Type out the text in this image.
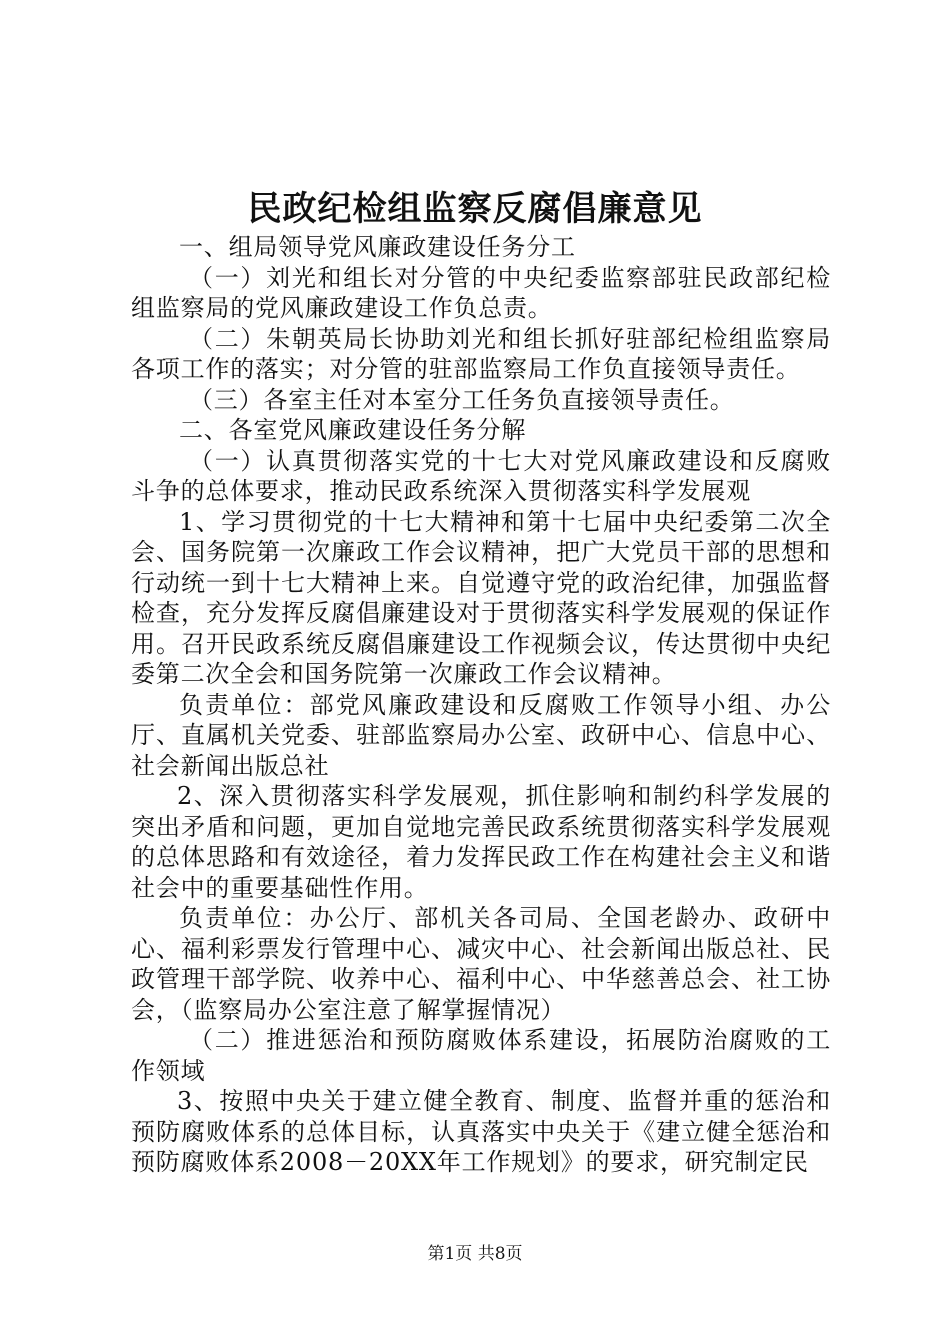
民政纪检组监察反腐倡廉意见

一、组局领导党风廉政建设任务分工

（一）刘光和组长对分管的中央纪委监察部驻民政部纪检组监察局的党风廉政建设工作负总责。

（二）朱朝英局长协助刘光和组长抓好驻部纪检组监察局各项工作的落实；对分管的驻部监察局工作负直接领导责任。

（三）各室主任对本室分工任务负直接领导责任。

二、各室党风廉政建设任务分解

（一）认真贯彻落实党的十七大对党风廉政建设和反腐败斗争的总体要求，推动民政系统深入贯彻落实科学发展观

1、学习贯彻党的十七大精神和第十七届中央纪委第二次全会、国务院第一次廉政工作会议精神，把广大党员干部的思想和行动统一到十七大精神上来。自觉遵守党的政治纪律，加强监督检查，充分发挥反腐倡廉建设对于贯彻落实科学发展观的保证作用。召开民政系统反腐倡廉建设工作视频会议，传达贯彻中央纪委第二次全会和国务院第一次廉政工作会议精神。

负责单位：部党风廉政建设和反腐败工作领导小组、办公厅、直属机关党委、驻部监察局办公室、政研中心、信息中心、社会新闻出版总社

2、深入贯彻落实科学发展观，抓住影响和制约科学发展的突出矛盾和问题，更加自觉地完善民政系统贯彻落实科学发展观的总体思路和有效途径，着力发挥民政工作在构建社会主义和谐社会中的重要基础性作用。

负责单位：办公厅、部机关各司局、全国老龄办、政研中心、福利彩票发行管理中心、减灾中心、社会新闻出版总社、民政管理干部学院、收养中心、福利中心、中华慈善总会、社工协会，（监察局办公室注意了解掌握情况）

（二）推进惩治和预防腐败体系建设，拓展防治腐败的工作领域

3、按照中央关于建立健全教育、制度、监督并重的惩治和预防腐败体系的总体目标，认真落实中央关于《建立健全惩治和预防腐败体系2008－20XX年工作规划》的要求，研究制定民

第1页 共8页
